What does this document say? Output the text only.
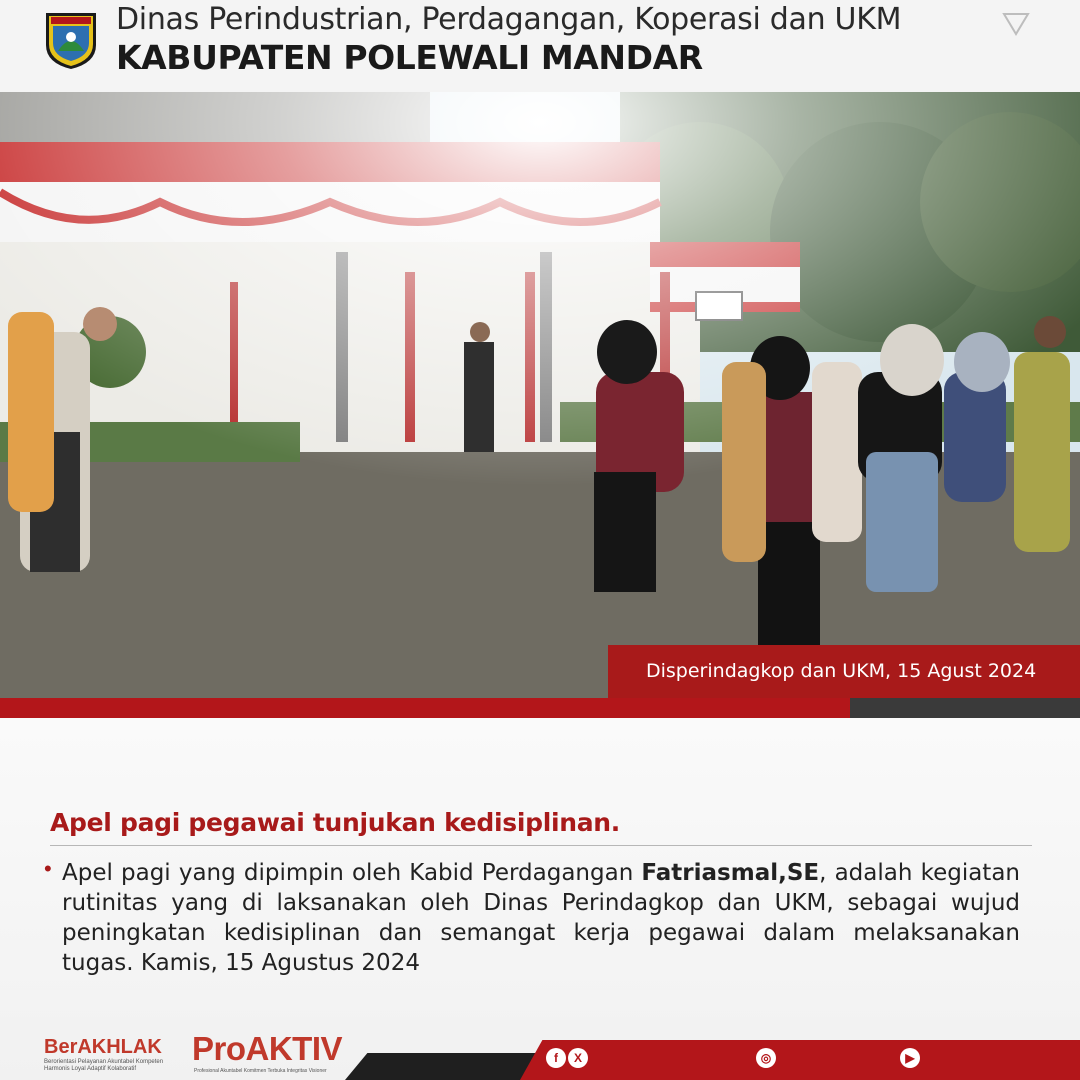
Dinas Perindustrian, Perdagangan, Koperasi dan UKM
KABUPATEN POLEWALI MANDAR
Disperindagkop dan UKM, 15 Agust 2024
Apel pagi pegawai tunjukan kedisiplinan.
• Apel pagi yang dipimpin oleh Kabid Perdagangan Fatriasmal,SE, adalah kegiatan rutinitas yang di laksanakan oleh Dinas Perindagkop dan UKM, sebagai wujud peningkatan kedisiplinan dan semangat kerja pegawai dalam melaksanakan tugas. Kamis, 15 Agustus 2024
BerAKHLAK
Berorientasi Pelayanan Akuntabel Kompeten Harmonis Loyal Adaptif Kolaboratif
ProAKTIV
Profesional Akuntabel Komitmen Terbuka Integritas Visioner
f	X	◎	▶
